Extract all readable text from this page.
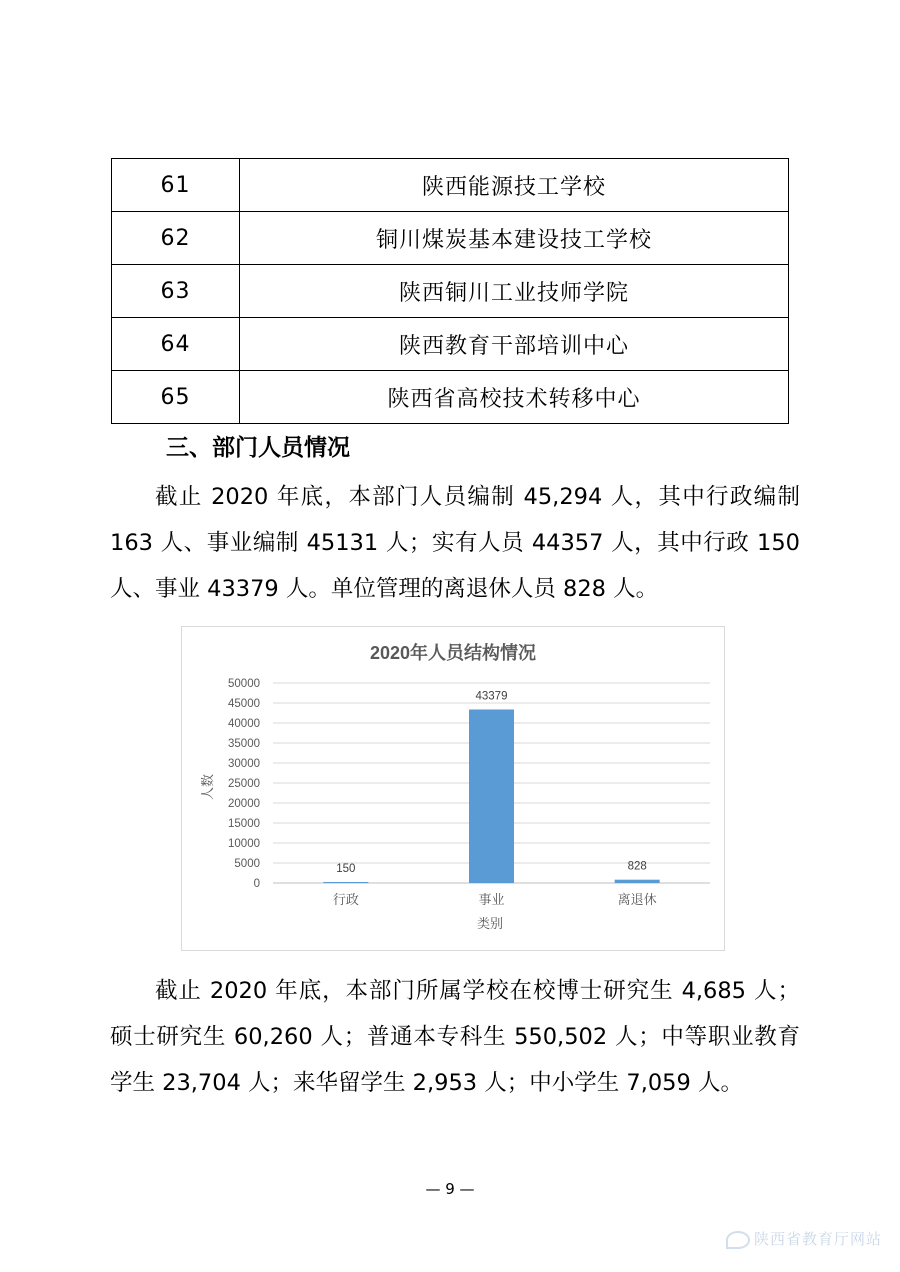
61	陕西能源技工学校
62	铜川煤炭基本建设技工学校
63	陕西铜川工业技师学院
64	陕西教育干部培训中心
65	陕西省高校技术转移中心
三、部门人员情况

截止 2020 年底，本部门人员编制 45,294 人，其中行政编制 163 人、事业编制 45131 人；实有人员 44357 人，其中行政 150 人、事业 43379 人。单位管理的离退休人员 828 人。

2020年人员结构情况
人数
类别
0
5000
10000
15000
20000
25000
30000
35000
40000
45000
50000
150
行政
43379
事业
828
离退休

截止 2020 年底，本部门所属学校在校博士研究生 4,685 人；硕士研究生 60,260 人；普通本专科生 550,502 人；中等职业教育学生 23,704 人；来华留学生 2,953 人；中小学生 7,059 人。

— 9 —
陕西省教育厅网站
